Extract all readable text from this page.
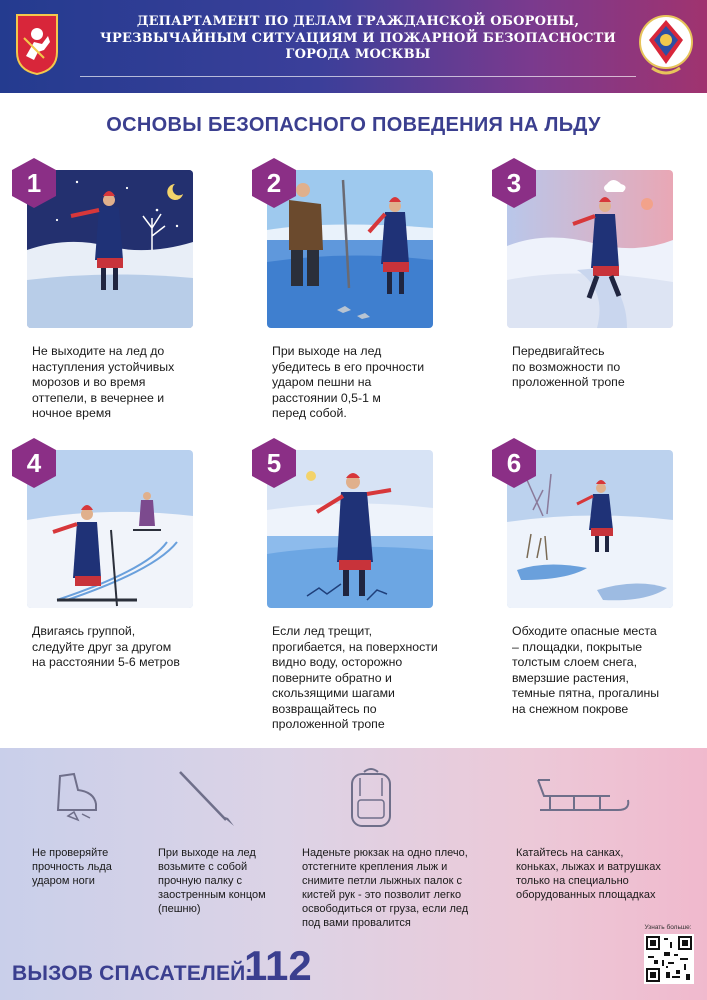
ДЕПАРТАМЕНТ ПО ДЕЛАМ ГРАЖДАНСКОЙ ОБОРОНЫ,
ЧРЕЗВЫЧАЙНЫМ СИТУАЦИЯМ И ПОЖАРНОЙ БЕЗОПАСНОСТИ
ГОРОДА МОСКВЫ
ОСНОВЫ БЕЗОПАСНОГО ПОВЕДЕНИЯ НА ЛЬДУ
1
Не выходите на лед до
наступления устойчивых
морозов и во время
оттепели, в вечернее и
ночное время
2
При выходе на лед
убедитесь в его прочности
ударом пешни на
расстоянии 0,5-1 м
перед собой.
3
Передвигайтесь
по возможности по
проложенной тропе
4
Двигаясь группой,
следуйте друг за другом
на расстоянии 5-6 метров
5
Если лед трещит,
прогибается, на поверхности
видно воду, осторожно
поверните обратно и
скользящими шагами
возвращайтесь по
проложенной тропе
6
Обходите опасные места
– площадки, покрытые
толстым слоем снега,
вмерзшие растения,
темные пятна, прогалины
на снежном покрове
Не проверяйте
прочность льда
ударом ноги
При выходе на лед
возьмите с собой
прочную палку с
заостренным концом
(пешню)
Наденьте рюкзак на одно плечо,
отстегните крепления лыж и
снимите петли лыжных палок с
кистей рук - это позволит легко
освободиться от груза, если лед
под вами провалится
Катайтесь на санках,
коньках, лыжах и ватрушках
только на специально
оборудованных площадках
ВЫЗОВ СПАСАТЕЛЕЙ:
112
Узнать больше:
